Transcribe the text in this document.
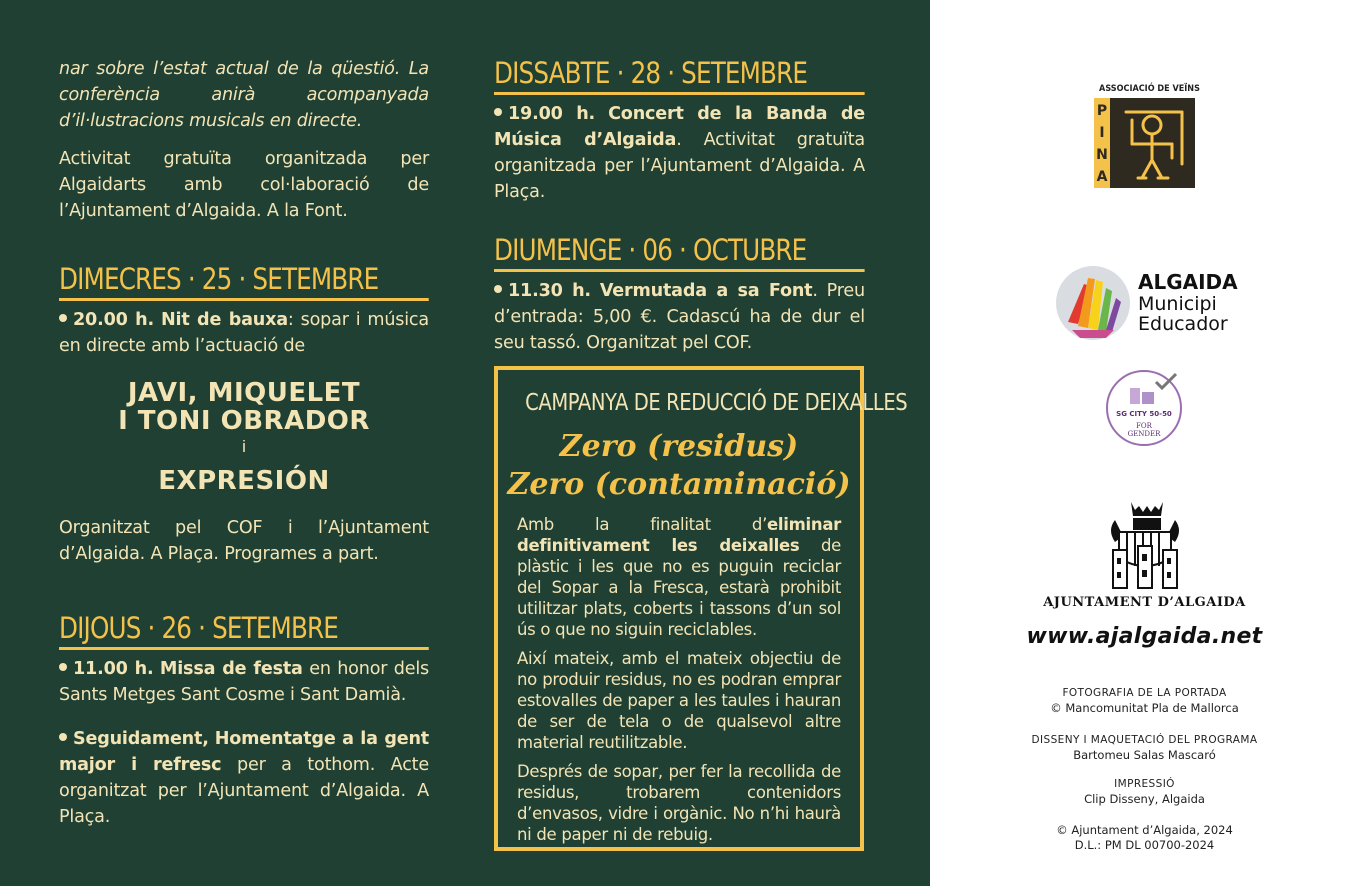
nar sobre l’estat actual de la qüestió. La conferència anirà acompanyada d’il·lustracions musicals en directe.

Activitat gratuïta organitzada per Algaidarts amb col·laboració de l’Ajuntament d’Algaida. A la Font.

DIMECRES · 25 · SETEMBRE

20.00 h. Nit de bauxa: sopar i música en directe amb l’actuació de

JAVI, MIQUELET
I TONI OBRADOR
i
EXPRESIÓN

Organitzat pel COF i l’Ajuntament d’Algaida. A Plaça. Programes a part.

DIJOUS · 26 · SETEMBRE

11.00 h. Missa de festa en honor dels Sants Metges Sant Cosme i Sant Damià.

Seguidament, Homentatge a la gent major i refresc per a tothom. Acte organitzat per l’Ajuntament d’Algaida. A Plaça.

DISSABTE · 28 · SETEMBRE

19.00 h. Concert de la Banda de Música d’Algaida. Activitat gratuïta organitzada per l’Ajuntament d’Algaida. A Plaça.

DIUMENGE · 06 · OCTUBRE

11.30 h. Vermutada a sa Font. Preu d’entrada: 5,00 €. Cadascú ha de dur el seu tassó. Organitzat pel COF.

CAMPANYA DE REDUCCIÓ DE DEIXALLES
Zero (residus)
Zero (contaminació)

Amb la finalitat d’eliminar definitivament les deixalles de plàstic i les que no es puguin reciclar del Sopar a la Fresca, estarà prohibit utilitzar plats, coberts i tassons d’un sol ús o que no siguin reciclables.

Així mateix, amb el mateix objectiu de no produir residus, no es podran emprar estovalles de paper a les taules i hauran de ser de tela o de qualsevol altre material reutilitzable.

Després de sopar, per fer la recollida de residus, trobarem contenidors d’envasos, vidre i orgànic. No n’hi haurà ni de paper ni de rebuig.

ASSOCIACIÓ DE VEÏNS
P
I
N
A
ALGAIDA
Municipi
Educador
SG CITY 50-50
FOR
GENDER
AJUNTAMENT D’ALGAIDA
www.ajalgaida.net
FOTOGRAFIA DE LA PORTADA
© Mancomunitat Pla de Mallorca
DISSENY I MAQUETACIÓ DEL PROGRAMA
Bartomeu Salas Mascaró
IMPRESSIÓ
Clip Disseny, Algaida
© Ajuntament d’Algaida, 2024
D.L.: PM DL 00700-2024
